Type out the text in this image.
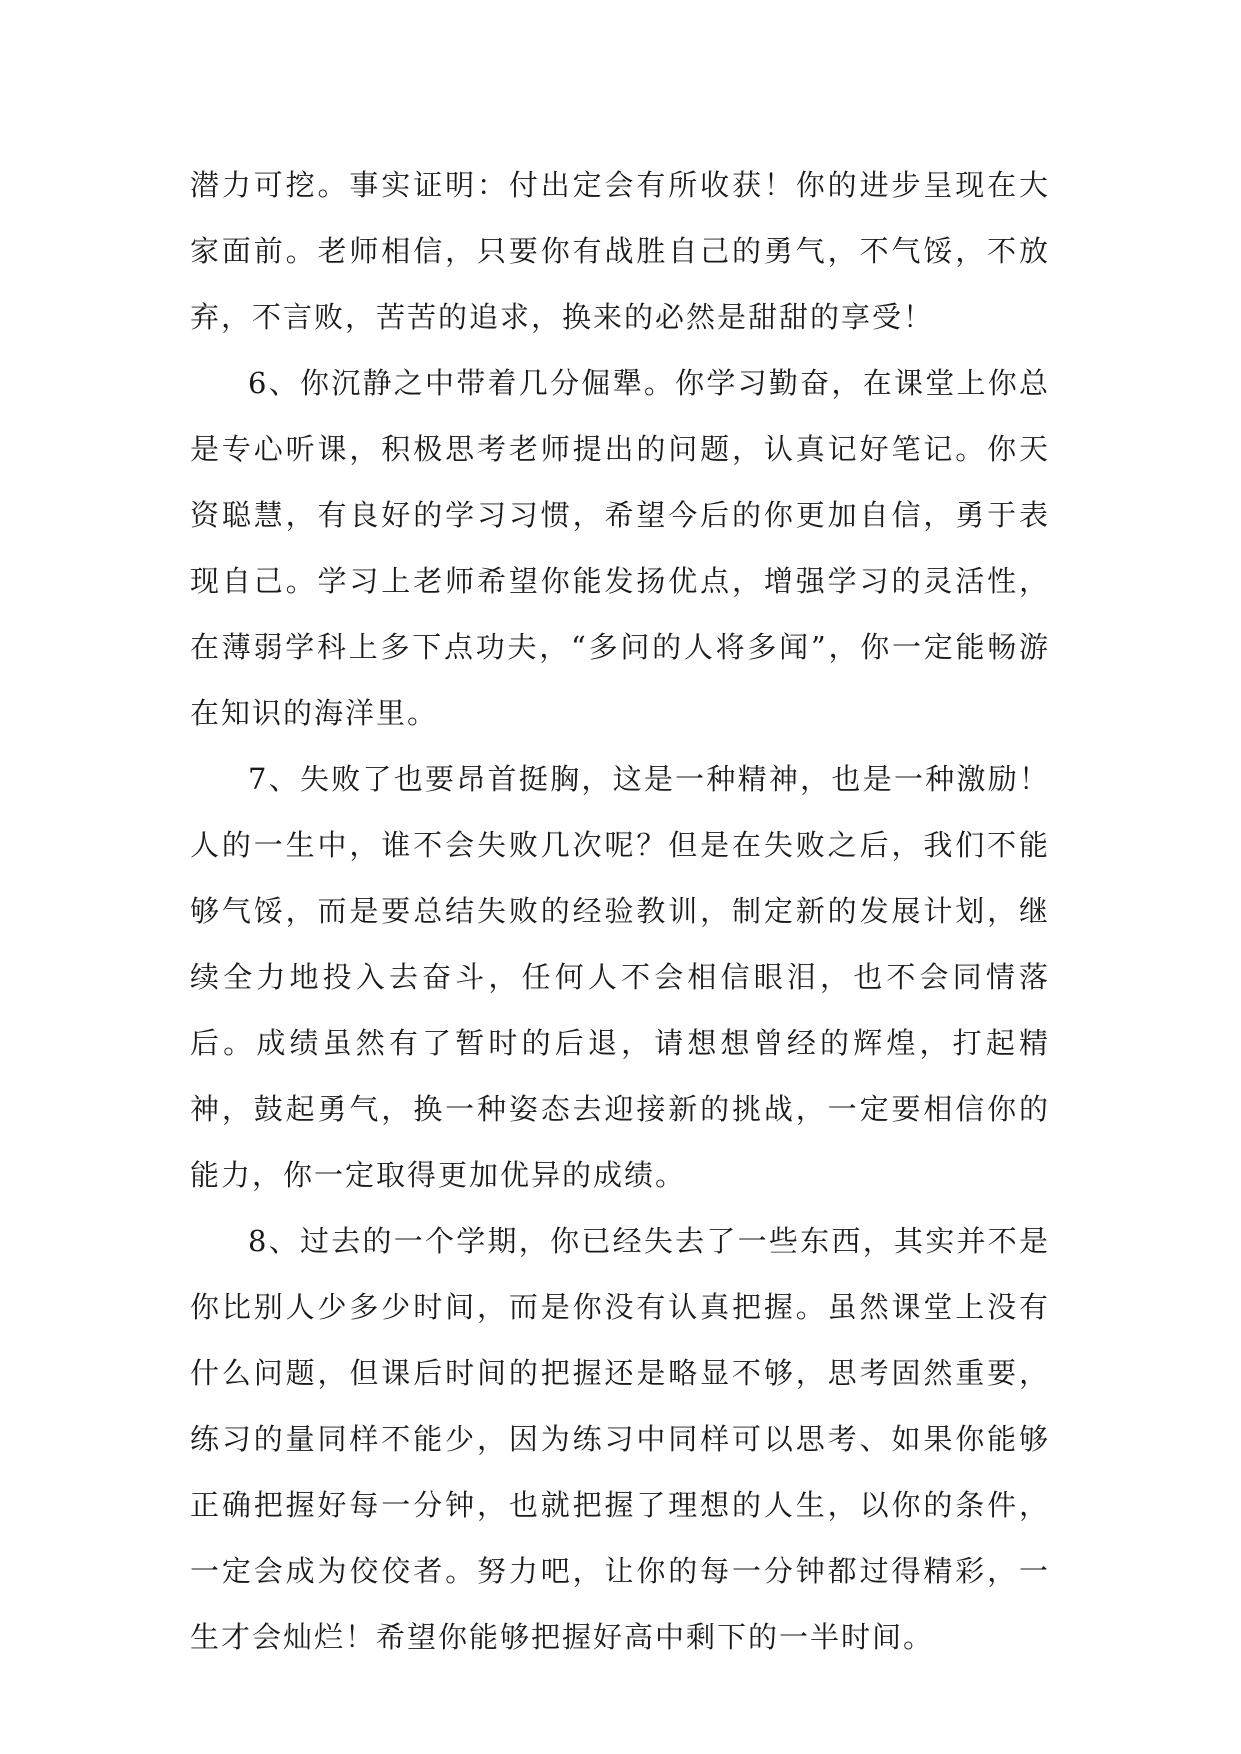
潜力可挖。事实证明：付出定会有所收获！你的进步呈现在大家面前。老师相信，只要你有战胜自己的勇气，不气馁，不放弃，不言败，苦苦的追求，换来的必然是甜甜的享受！

6、你沉静之中带着几分倔犟。你学习勤奋，在课堂上你总是专心听课，积极思考老师提出的问题，认真记好笔记。你天资聪慧，有良好的学习习惯，希望今后的你更加自信，勇于表现自己。学习上老师希望你能发扬优点，增强学习的灵活性，在薄弱学科上多下点功夫，“多问的人将多闻”，你一定能畅游在知识的海洋里。

7、失败了也要昂首挺胸，这是一种精神，也是一种激励！人的一生中，谁不会失败几次呢？但是在失败之后，我们不能够气馁，而是要总结失败的经验教训，制定新的发展计划，继续全力地投入去奋斗，任何人不会相信眼泪，也不会同情落后。成绩虽然有了暂时的后退，请想想曾经的辉煌，打起精神，鼓起勇气，换一种姿态去迎接新的挑战，一定要相信你的能力，你一定取得更加优异的成绩。

8、过去的一个学期，你已经失去了一些东西，其实并不是你比别人少多少时间，而是你没有认真把握。虽然课堂上没有什么问题，但课后时间的把握还是略显不够，思考固然重要，练习的量同样不能少，因为练习中同样可以思考、如果你能够正确把握好每一分钟，也就把握了理想的人生，以你的条件，一定会成为佼佼者。努力吧，让你的每一分钟都过得精彩，一生才会灿烂！希望你能够把握好高中剩下的一半时间。
